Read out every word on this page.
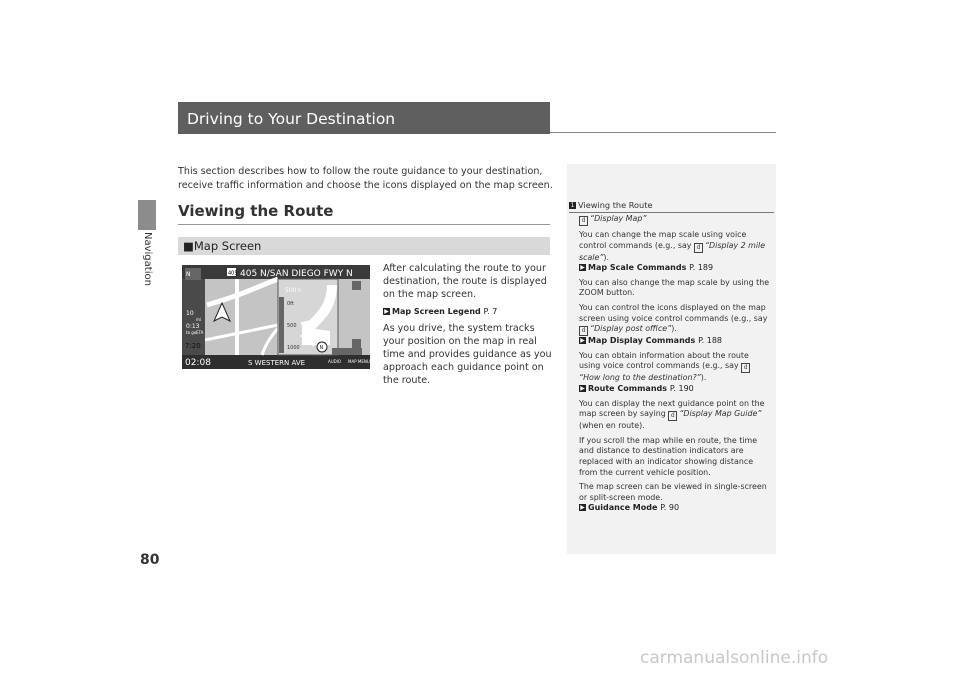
Navigation
Driving to Your Destination
This section describes how to follow the route guidance to your destination, receive traffic information and choose the icons displayed on the map screen.
Viewing the Route
■Map Screen
N	405 405 N/SAN DIEGO FWY N
10
mi
0:13
to go ETA
7:20
500 ft
0ft
500
1000	N
02:08	S WESTERN AVE	AUDIO MAP MENU

After calculating the route to your destination, the route is displayed on the map screen.

▶ Map Screen Legend P. 7

As you drive, the system tracks your position on the map in real time and provides guidance as you approach each guidance point on the route.

1 Viewing the Route

d “Display Map”

You can change the map scale using voice control commands (e.g., say d “Display 2 mile scale”).
▶ Map Scale Commands P. 189

You can also change the map scale by using the ZOOM button.

You can control the icons displayed on the map screen using voice control commands (e.g., say d “Display post office”).
▶ Map Display Commands P. 188

You can obtain information about the route using voice control commands (e.g., say d“How long to the destination?”).
▶ Route Commands P. 190

You can display the next guidance point on the map screen by saying d “Display Map Guide” (when en route).

If you scroll the map while en route, the time and distance to destination indicators are replaced with an indicator showing distance from the current vehicle position.

The map screen can be viewed in single-screen or split-screen mode.
▶ Guidance Mode P. 90

80
carmanualsonline.info
